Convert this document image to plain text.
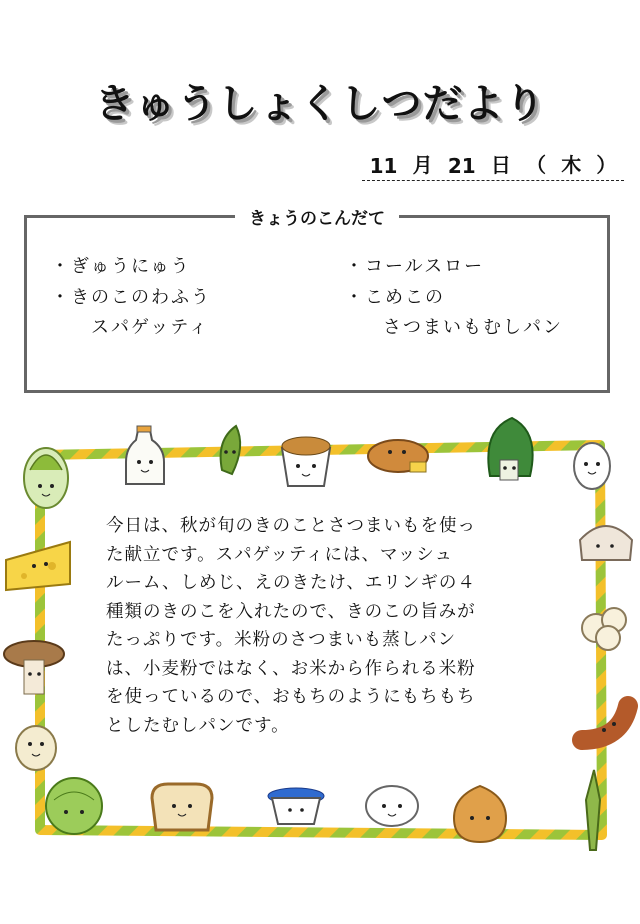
きゅうしょくしつだより
11 月 21 日 （ 木 ）
きょうのこんだて
・ぎゅうにゅう
・きのこのわふう
スパゲッティ
・コールスロー
・こめこの
さつまいもむしパン
今日は、秋が旬のきのことさつまいもを使っ
た献立です。スパゲッティには、マッシュ
ルーム、しめじ、えのきたけ、エリンギの４
種類のきのこを入れたので、きのこの旨みが
たっぷりです。米粉のさつまいも蒸しパン
は、小麦粉ではなく、お米から作られる米粉
を使っているので、おもちのようにもちもち
としたむしパンです。
